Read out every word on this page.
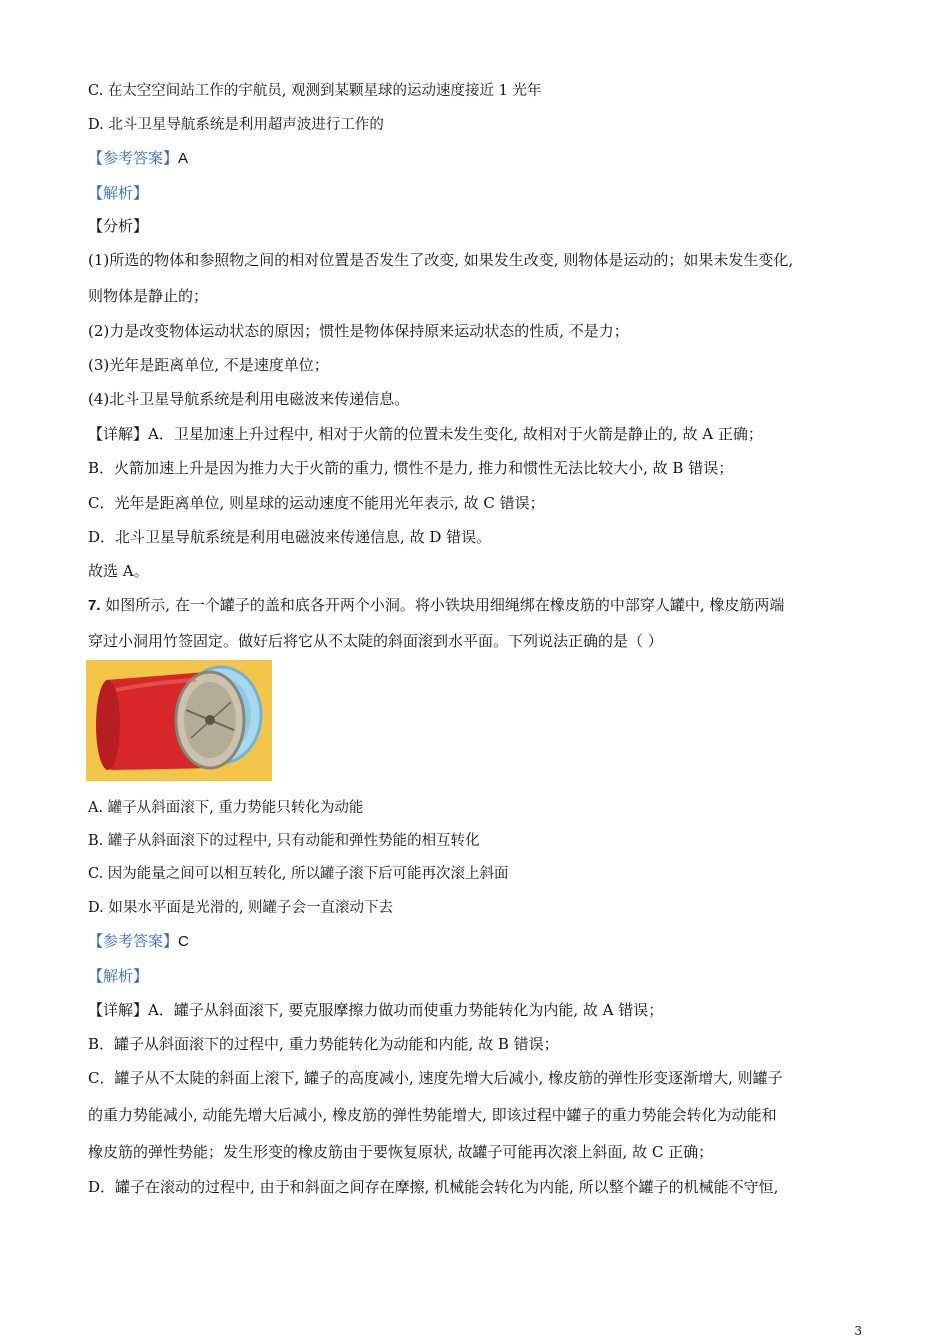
C. 在太空空间站工作的宇航员, 观测到某颗星球的运动速度接近 1 光年
D. 北斗卫星导航系统是利用超声波进行工作的
【参考答案】A
【解析】
【分析】
(1)所选的物体和参照物之间的相对位置是否发生了改变, 如果发生改变, 则物体是运动的；如果未发生变化,
则物体是静止的；
(2)力是改变物体运动状态的原因；惯性是物体保持原来运动状态的性质, 不是力；
(3)光年是距离单位, 不是速度单位；
(4)北斗卫星导航系统是利用电磁波来传递信息。
【详解】A．卫星加速上升过程中, 相对于火箭的位置未发生变化, 故相对于火箭是静止的, 故 A 正确；
B．火箭加速上升是因为推力大于火箭的重力, 惯性不是力, 推力和惯性无法比较大小, 故 B 错误；
C．光年是距离单位, 则星球的运动速度不能用光年表示, 故 C 错误；
D．北斗卫星导航系统是利用电磁波来传递信息, 故 D 错误。
故选 A。
7. 如图所示, 在一个罐子的盖和底各开两个小洞。将小铁块用细绳绑在橡皮筋的中部穿人罐中, 橡皮筋两端
穿过小洞用竹签固定。做好后将它从不太陡的斜面滚到水平面。下列说法正确的是（ ）
A. 罐子从斜面滚下, 重力势能只转化为动能
B. 罐子从斜面滚下的过程中, 只有动能和弹性势能的相互转化
C. 因为能量之间可以相互转化, 所以罐子滚下后可能再次滚上斜面
D. 如果水平面是光滑的, 则罐子会一直滚动下去
【参考答案】C
【解析】
【详解】A．罐子从斜面滚下, 要克服摩擦力做功而使重力势能转化为内能, 故 A 错误；
B．罐子从斜面滚下的过程中, 重力势能转化为动能和内能, 故 B 错误；
C．罐子从不太陡的斜面上滚下, 罐子的高度减小, 速度先增大后减小, 橡皮筋的弹性形变逐渐增大, 则罐子
的重力势能减小, 动能先增大后减小, 橡皮筋的弹性势能增大, 即该过程中罐子的重力势能会转化为动能和
橡皮筋的弹性势能；发生形变的橡皮筋由于要恢复原状, 故罐子可能再次滚上斜面, 故 C 正确；
D．罐子在滚动的过程中, 由于和斜面之间存在摩擦, 机械能会转化为内能, 所以整个罐子的机械能不守恒,
3
